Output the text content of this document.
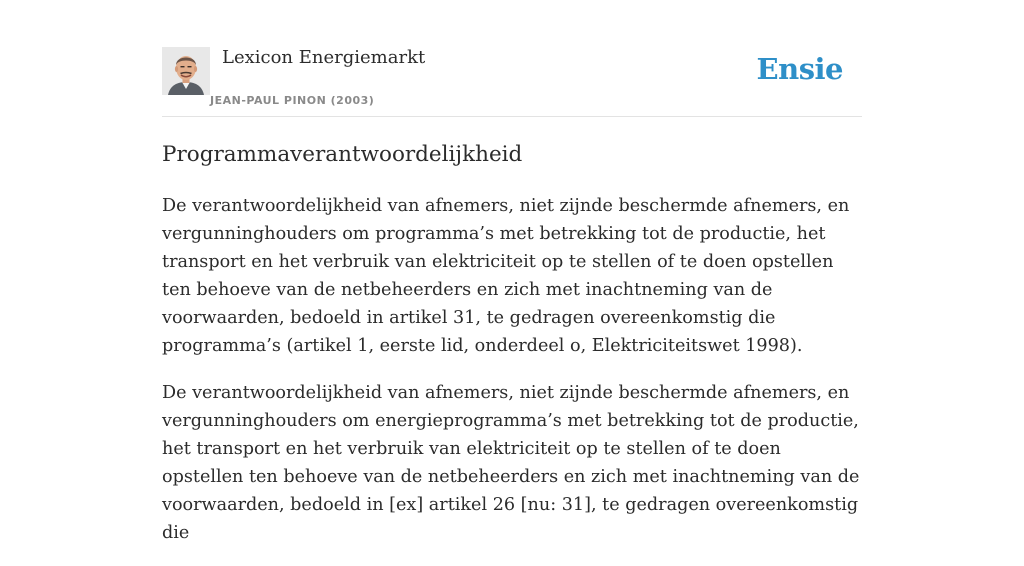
Lexicon Energiemarkt
JEAN-PAUL PINON (2003)
Ensie
Programmaverantwoordelijkheid

De verantwoordelijkheid van afnemers, niet zijnde beschermde afnemers, en vergunninghouders om programma’s met betrekking tot de productie, het transport en het verbruik van elektriciteit op te stellen of te doen opstellen ten behoeve van de netbeheerders en zich met inachtneming van de voorwaarden, bedoeld in artikel 31, te gedragen overeenkomstig die programma’s (artikel 1, eerste lid, onderdeel o, Elektriciteitswet 1998).

De verantwoordelijkheid van afnemers, niet zijnde beschermde afnemers, en vergunninghouders om energieprogramma’s met betrekking tot de productie, het transport en het verbruik van elektriciteit op te stellen of te doen opstellen ten behoeve van de netbeheerders en zich met inachtneming van de voorwaarden, bedoeld in [ex] artikel 26 [nu: 31], te gedragen overeenkomstig die
